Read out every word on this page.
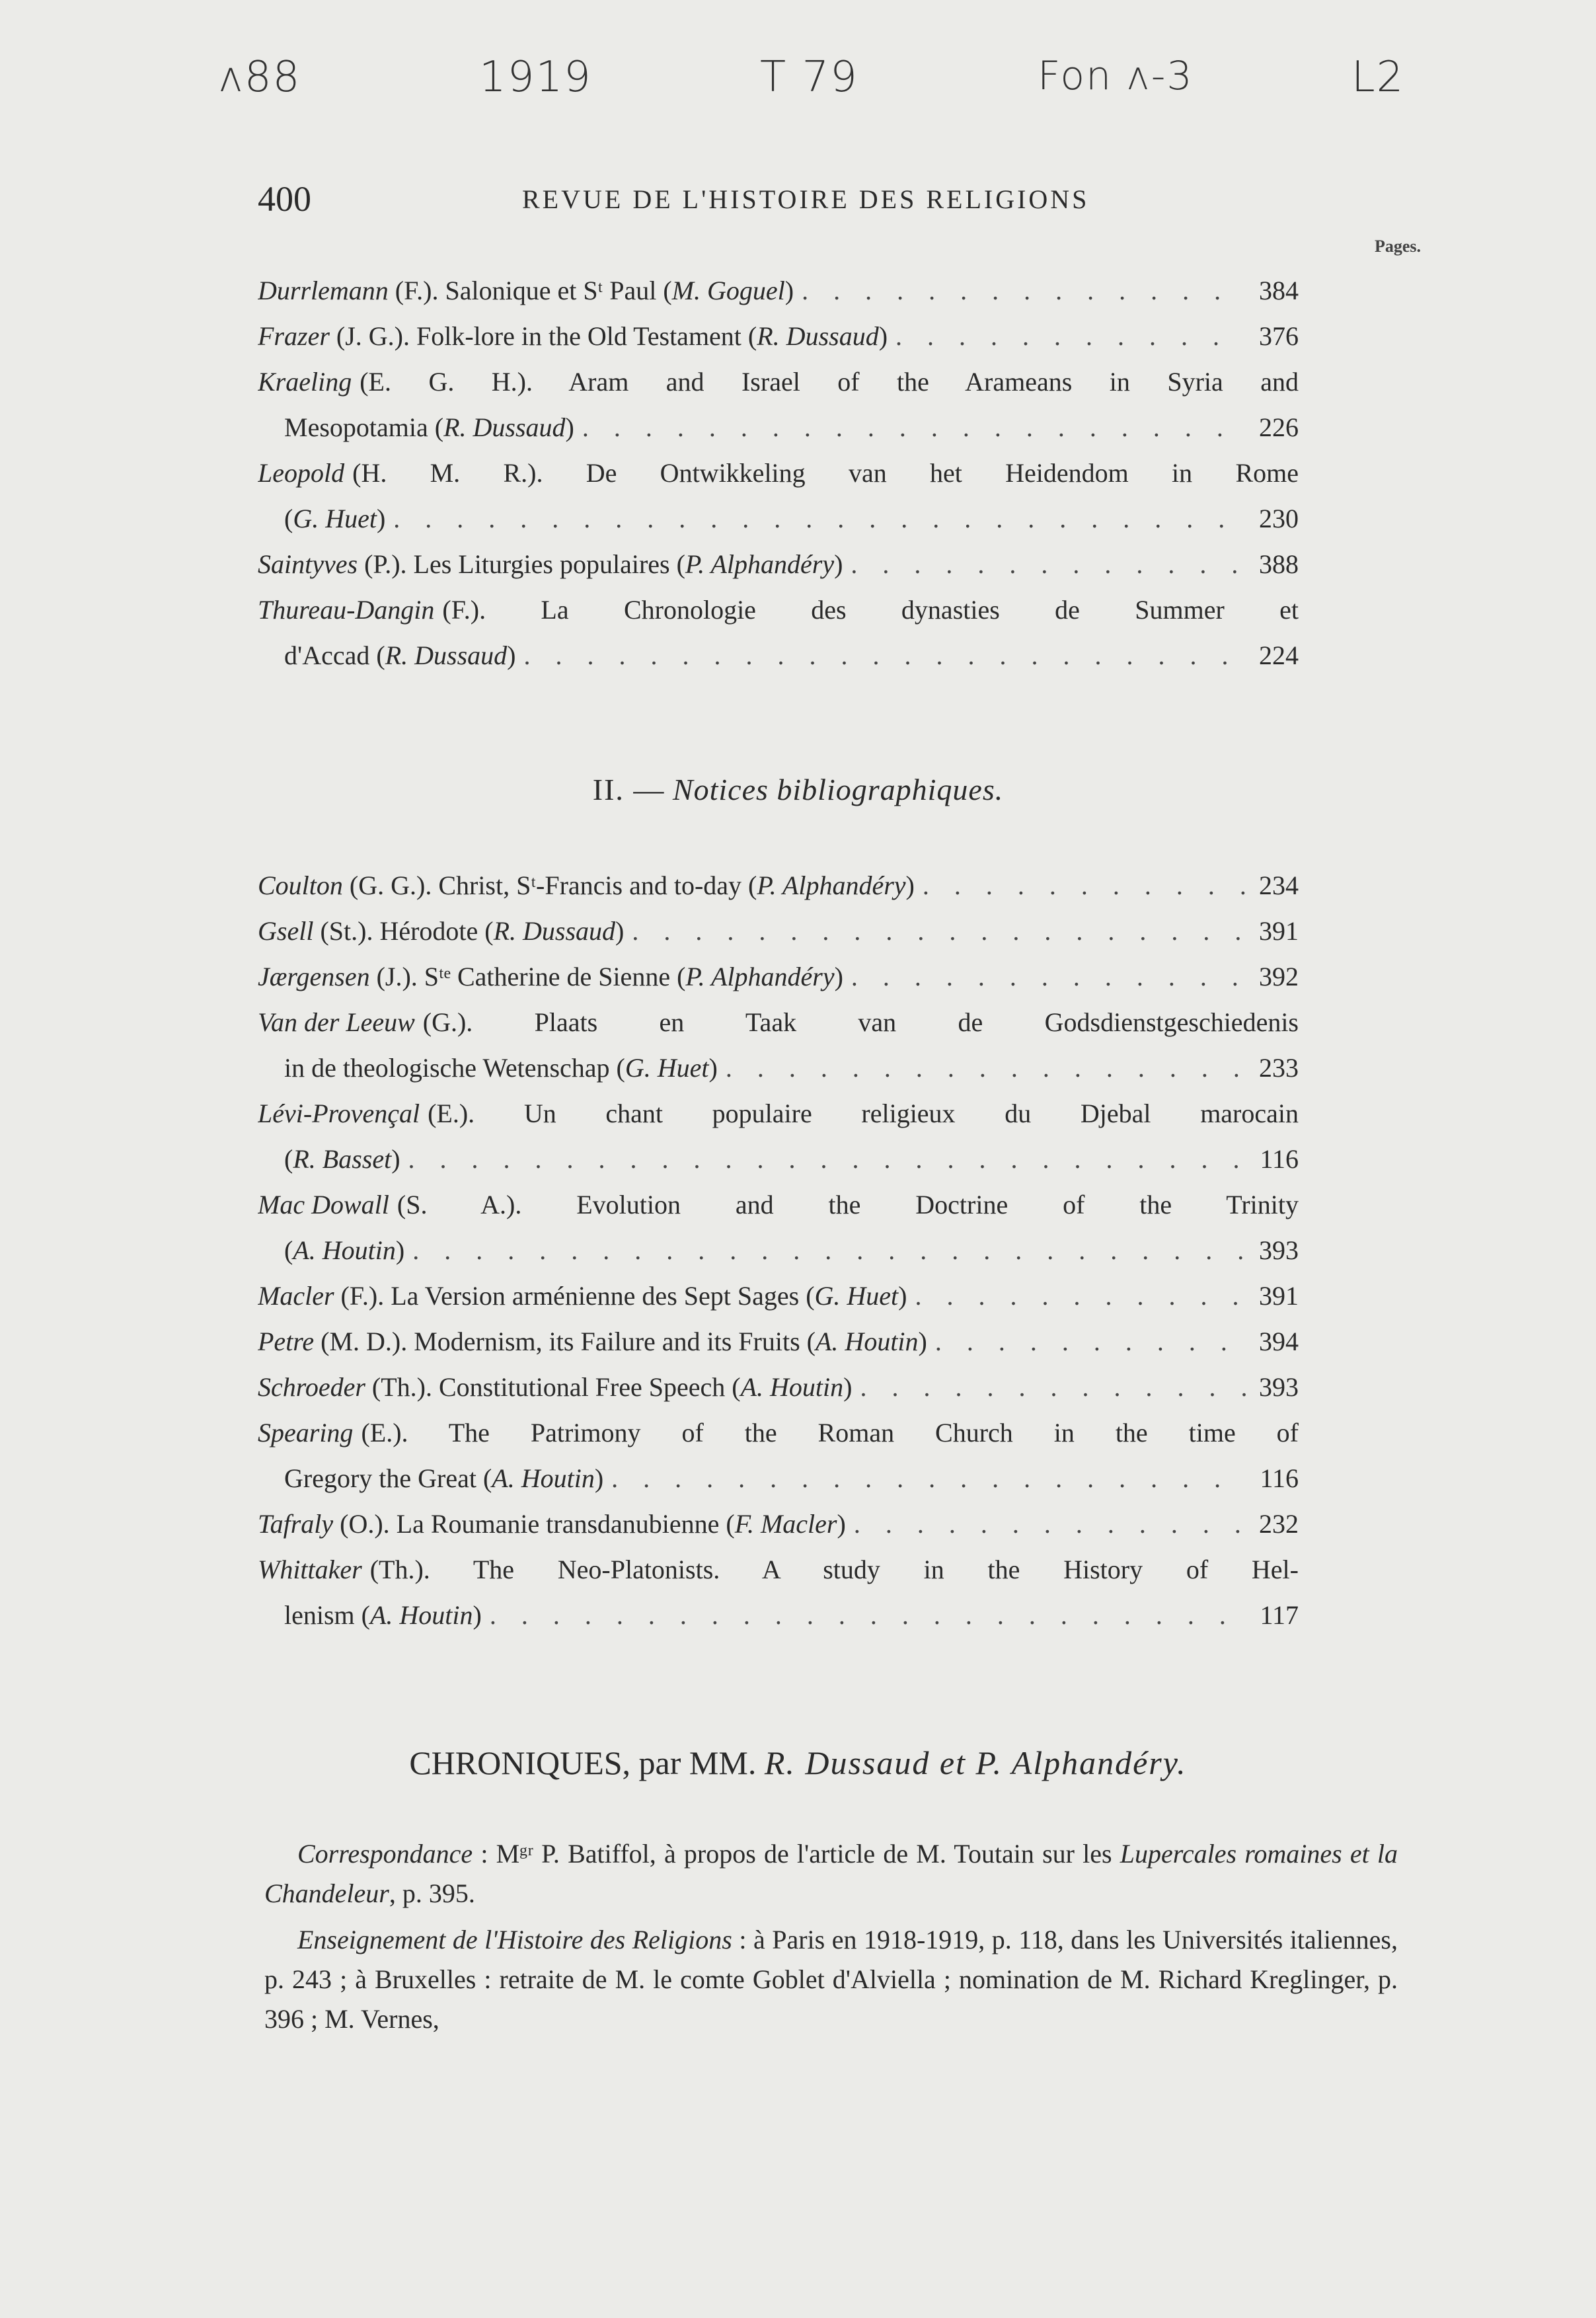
ʌ88	1919	T 79	Fon ʌ-3	L2
400	REVUE DE L'HISTOIRE DES RELIGIONS
Pages.
Durrlemann
(F.). Salonique et Sᵗ Paul ( M. Goguel ) . . .	384
Frazer
(J. G.). Folk-lore in the Old Testament ( R. Dussaud ) . . .	376
Kraeling (E. G. H.). Aram and Israel of the Arameans in Syria and
Mesopotamia ( R. Dussaud ) . . .	226
Leopold (H. M. R.). De Ontwikkeling van het Heidendom in Rome
( G. Huet ) . . .	230
Saintyves
(P.). Les Liturgies populaires ( P. Alphandéry ) . . .	388
Thureau-Dangin (F.). La Chronologie des dynasties de Summer et
d'Accad ( R. Dussaud ) . . .	224
II. — Notices bibliographiques.
Coulton
(G. G.). Christ, Sᵗ-Francis and to-day ( P. Alphandéry ) . . .	234
Gsell
(St.). Hérodote ( R. Dussaud ) . . .	391
Jærgensen
(J.). Sᵗᵉ Catherine de Sienne ( P. Alphandéry ) . . .	392
Van der Leeuw (G.). Plaats en Taak van de Godsdienstgeschiedenis
in de theologische Wetenschap ( G. Huet ) . . .	233
Lévi-Provençal (E.). Un chant populaire religieux du Djebal marocain
( R. Basset ) . . .	116
Mac Dowall (S. A.). Evolution and the Doctrine of the Trinity
( A. Houtin ) . . .	393
Macler
(F.). La Version arménienne des Sept Sages ( G. Huet ) . . .	391
Petre
(M. D.). Modernism, its Failure and its Fruits ( A. Houtin ) . . .	394
Schroeder
(Th.). Constitutional Free Speech ( A. Houtin ) . . .	393
Spearing (E.). The Patrimony of the Roman Church in the time of
Gregory the Great ( A. Houtin ) . . .	116
Tafraly
(O.). La Roumanie transdanubienne ( F. Macler ) . . .	232
Whittaker (Th.). The Neo-Platonists. A study in the History of Hel-
lenism ( A. Houtin ) . . .	117
CHRONIQUES, par MM. R. Dussaud et P. Alphandéry.
Correspondance : Mᵍʳ P. Batiffol, à propos de l'article de M. Toutain sur les Lupercales romaines et la Chandeleur, p. 395.
Enseignement de l'Histoire des Religions : à Paris en 1918-1919, p. 118, dans les Universités italiennes, p. 243 ; à Bruxelles : retraite de M. le comte Goblet d'Alviella ; nomination de M. Richard Kreglinger, p. 396 ; M. Vernes,
